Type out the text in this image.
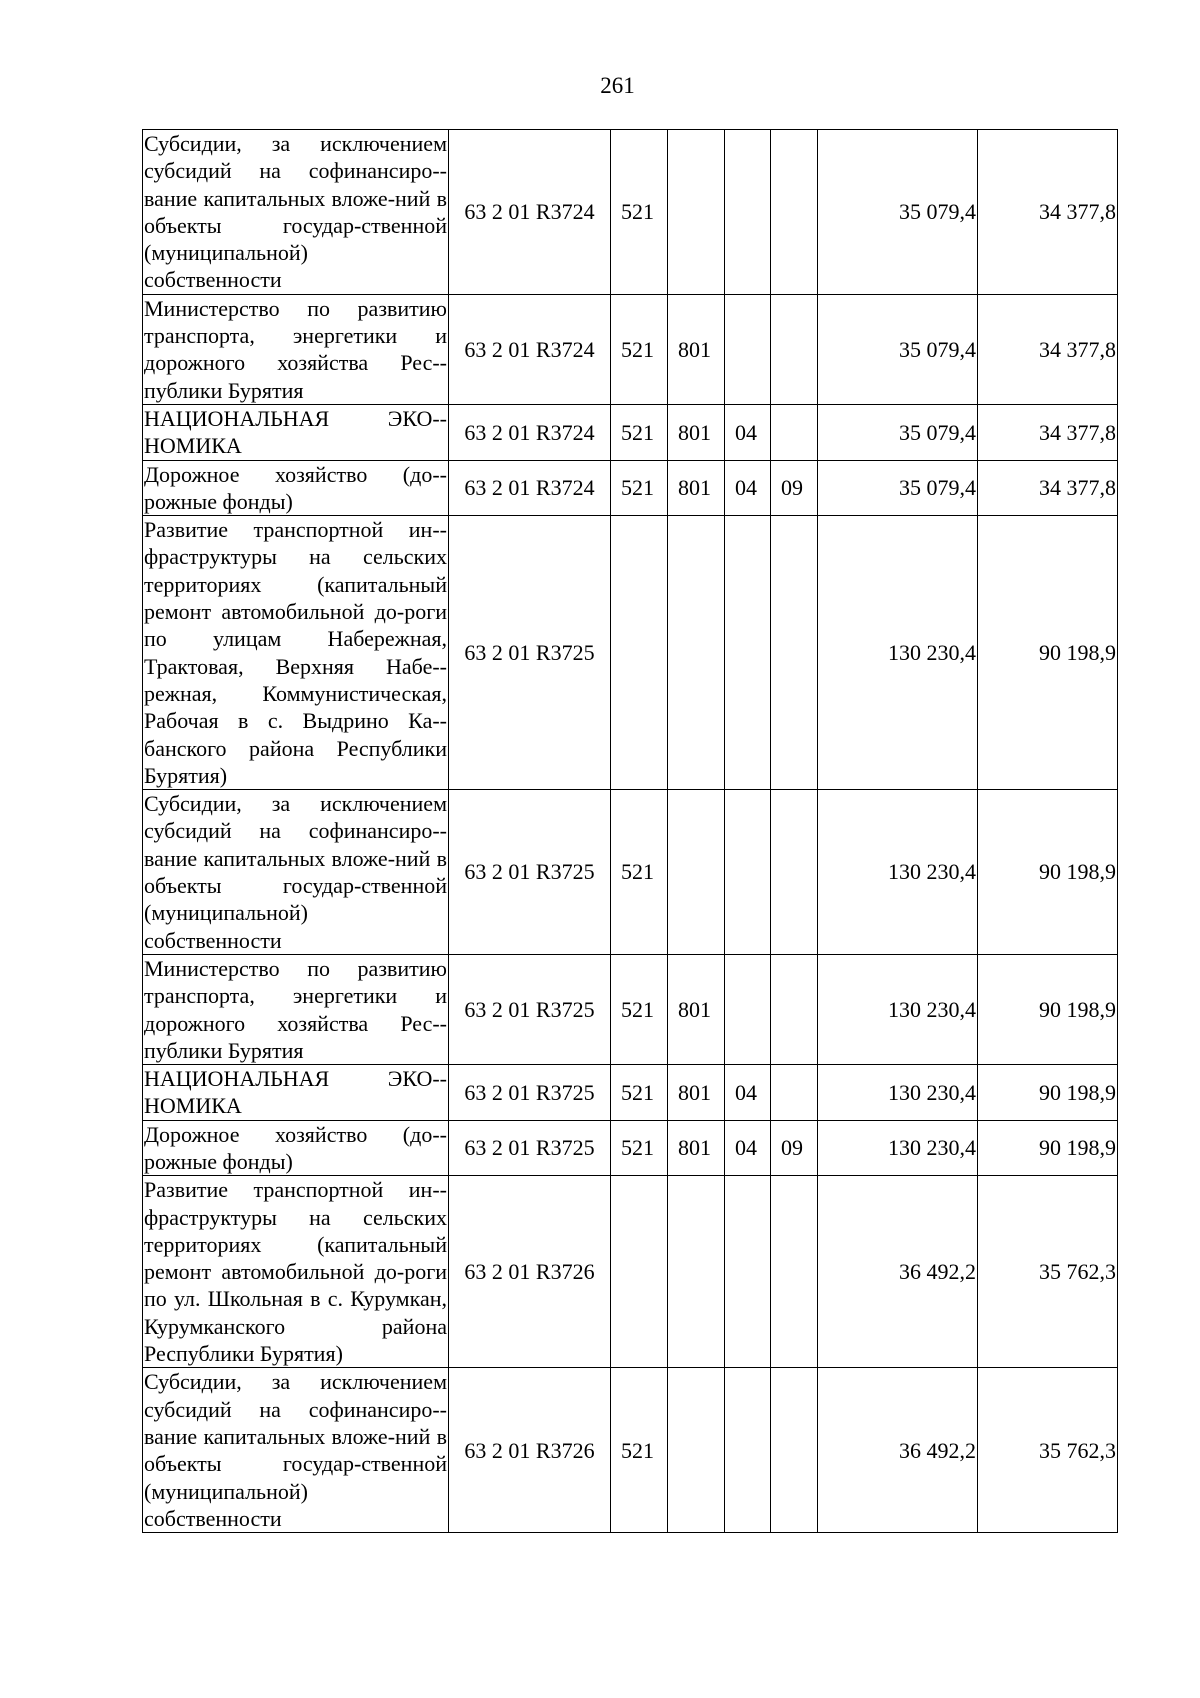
261
Субсидии, за исключением субсидий на софинансиро-вание капитальных вложе-ний в объекты государ-ственной (муниципальной) собственности	63 2 01 R3724	521				35 079,4	34 377,8
Министерство по развитию транспорта, энергетики и дорожного хозяйства Рес-публики Бурятия	63 2 01 R3724	521	801			35 079,4	34 377,8
НАЦИОНАЛЬНАЯ ЭКО-НОМИКА	63 2 01 R3724	521	801	04		35 079,4	34 377,8
Дорожное хозяйство (до-рожные фонды)	63 2 01 R3724	521	801	04	09	35 079,4	34 377,8
Развитие транспортной ин-фраструктуры на сельских территориях (капитальный ремонт автомобильной до-роги по улицам Набережная, Трактовая, Верхняя Набе-режная, Коммунистическая, Рабочая в с. Выдрино Ка-банского района Республики Бурятия)	63 2 01 R3725					130 230,4	90 198,9
Субсидии, за исключением субсидий на софинансиро-вание капитальных вложе-ний в объекты государ-ственной (муниципальной) собственности	63 2 01 R3725	521				130 230,4	90 198,9
Министерство по развитию транспорта, энергетики и дорожного хозяйства Рес-публики Бурятия	63 2 01 R3725	521	801			130 230,4	90 198,9
НАЦИОНАЛЬНАЯ ЭКО-НОМИКА	63 2 01 R3725	521	801	04		130 230,4	90 198,9
Дорожное хозяйство (до-рожные фонды)	63 2 01 R3725	521	801	04	09	130 230,4	90 198,9
Развитие транспортной ин-фраструктуры на сельских территориях (капитальный ремонт автомобильной до-роги по ул. Школьная в с. Курумкан, Курумканского района Республики Бурятия)	63 2 01 R3726					36 492,2	35 762,3
Субсидии, за исключением субсидий на софинансиро-вание капитальных вложе-ний в объекты государ-ственной (муниципальной) собственности	63 2 01 R3726	521				36 492,2	35 762,3
